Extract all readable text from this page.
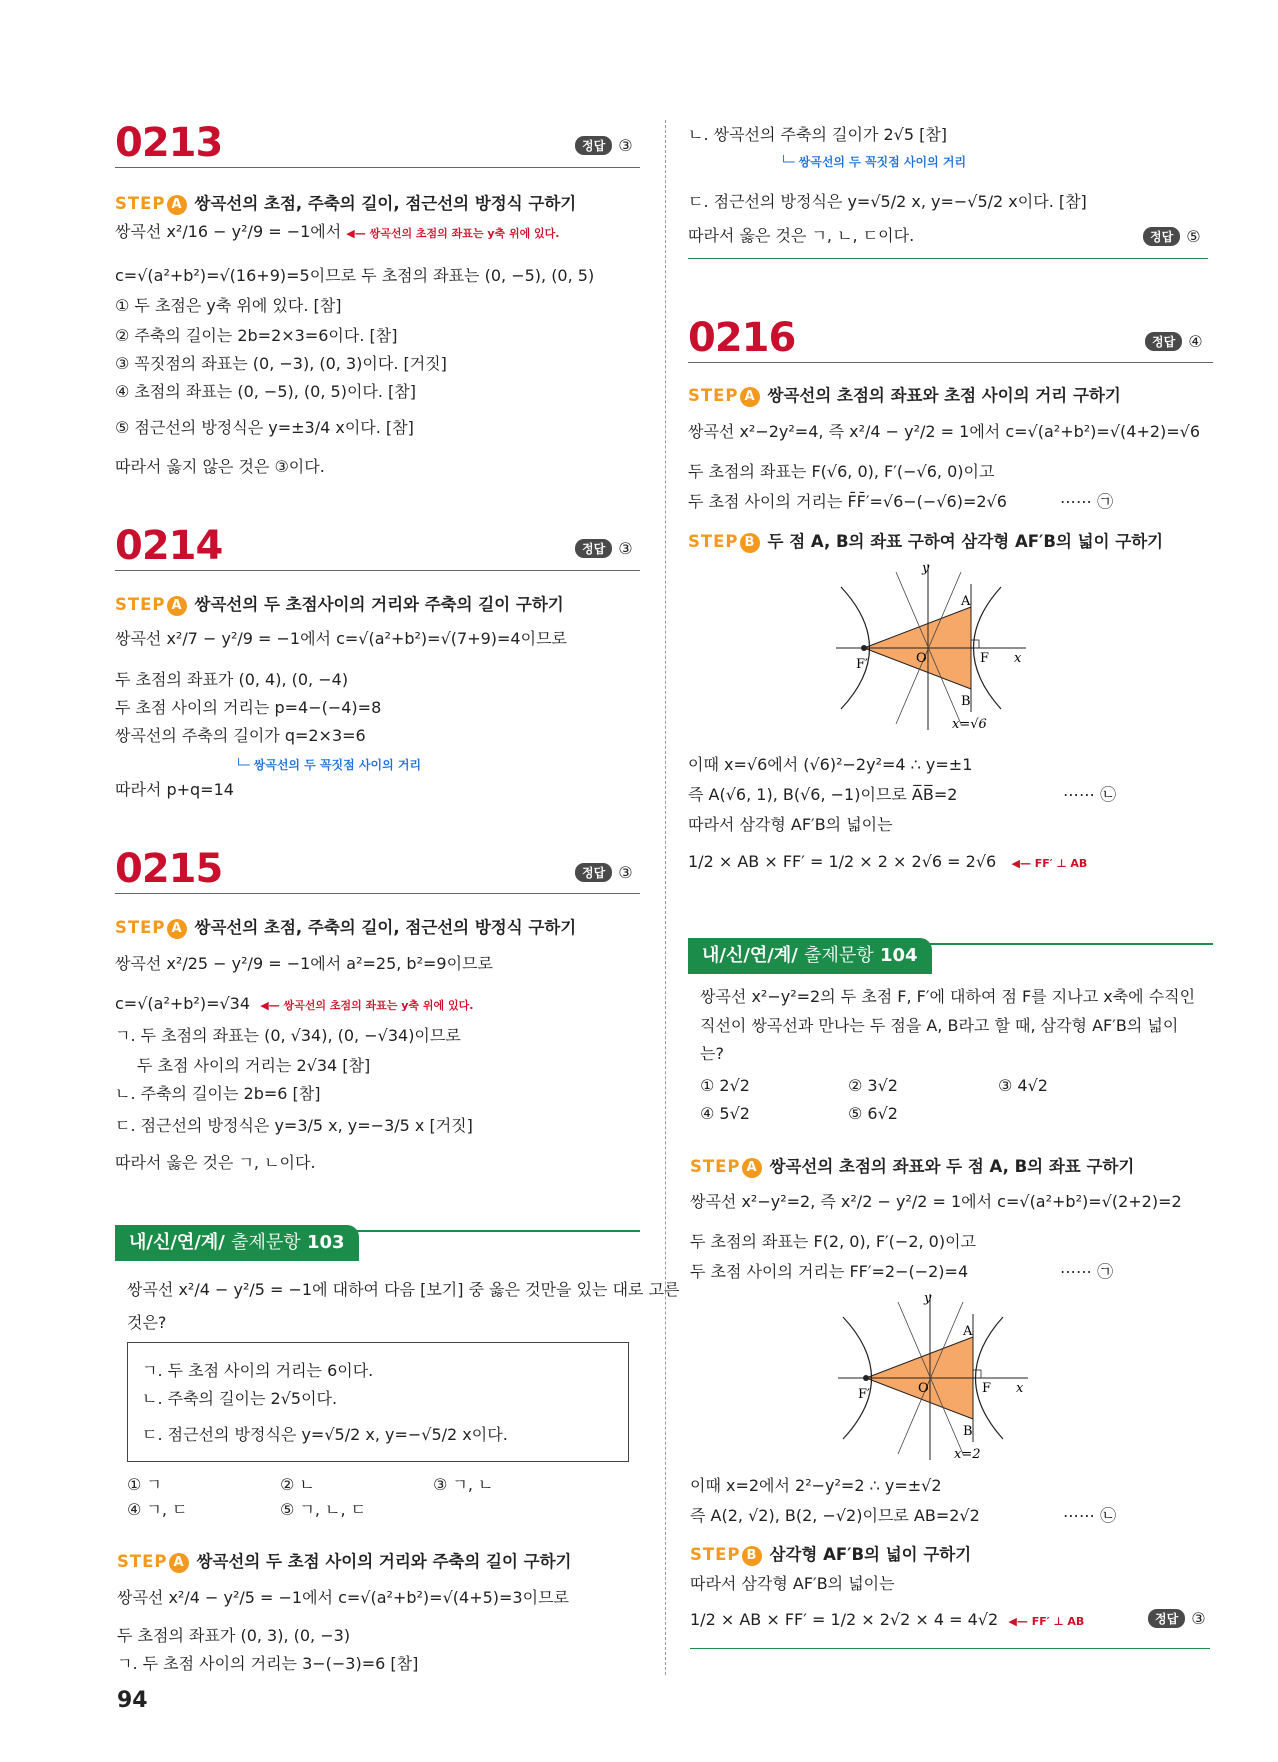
0213	정답 ③
STEP A 쌍곡선의 초점, 주축의 길이, 점근선의 방정식 구하기
쌍곡선 x²/16 − y²/9 = −1에서 ◀— 쌍곡선의 초점의 좌표는 y축 위에 있다.
c=√(a²+b²)=√(16+9)=5이므로 두 초점의 좌표는 (0, −5), (0, 5)
① 두 초점은 y축 위에 있다. [참]
② 주축의 길이는 2b=2×3=6이다. [참]
③ 꼭짓점의 좌표는 (0, −3), (0, 3)이다. [거짓]
④ 초점의 좌표는 (0, −5), (0, 5)이다. [참]
⑤ 점근선의 방정식은 y=±3/4 x이다. [참]
따라서 옳지 않은 것은 ③이다.
0214	정답 ③
STEP A 쌍곡선의 두 초점사이의 거리와 주축의 길이 구하기
쌍곡선 x²/7 − y²/9 = −1에서 c=√(a²+b²)=√(7+9)=4이므로
두 초점의 좌표가 (0, 4), (0, −4)
두 초점 사이의 거리는 p=4−(−4)=8
쌍곡선의 주축의 길이가 q=2×3=6
└─ 쌍곡선의 두 꼭짓점 사이의 거리
따라서 p+q=14
0215	정답 ③
STEP A 쌍곡선의 초점, 주축의 길이, 점근선의 방정식 구하기
쌍곡선 x²/25 − y²/9 = −1에서 a²=25, b²=9이므로
c=√(a²+b²)=√34 ◀— 쌍곡선의 초점의 좌표는 y축 위에 있다.
ㄱ. 두 초점의 좌표는 (0, √34), (0, −√34)이므로
두 초점 사이의 거리는 2√34 [참]
ㄴ. 주축의 길이는 2b=6 [참]
ㄷ. 점근선의 방정식은 y=3/5 x, y=−3/5 x [거짓]
따라서 옳은 것은 ㄱ, ㄴ이다.
내/신/연/계/ 출제문항 103
쌍곡선 x²/4 − y²/5 = −1에 대하여 다음 [보기] 중 옳은 것만을 있는 대로 고른
것은?
ㄱ. 두 초점 사이의 거리는 6이다.
ㄴ. 주축의 길이는 2√5이다.
ㄷ. 점근선의 방정식은 y=√5/2 x, y=−√5/2 x이다.
① ㄱ	② ㄴ	③ ㄱ, ㄴ
④ ㄱ, ㄷ	⑤ ㄱ, ㄴ, ㄷ
STEP A 쌍곡선의 두 초점 사이의 거리와 주축의 길이 구하기
쌍곡선 x²/4 − y²/5 = −1에서 c=√(a²+b²)=√(4+5)=3이므로
두 초점의 좌표가 (0, 3), (0, −3)
ㄱ. 두 초점 사이의 거리는 3−(−3)=6 [참]
94
ㄴ. 쌍곡선의 주축의 길이가 2√5 [참]
└─ 쌍곡선의 두 꼭짓점 사이의 거리
ㄷ. 점근선의 방정식은 y=√5/2 x, y=−√5/2 x이다. [참]
따라서 옳은 것은 ㄱ, ㄴ, ㄷ이다.	정답 ⑤
0216	정답 ④
STEP A 쌍곡선의 초점의 좌표와 초점 사이의 거리 구하기
쌍곡선 x²−2y²=4, 즉 x²/4 − y²/2 = 1에서 c=√(a²+b²)=√(4+2)=√6
두 초점의 좌표는 F(√6, 0), F′(−√6, 0)이고
두 초점 사이의 거리는 F̄F̄′=√6−(−√6)=2√6	⋯⋯ ㉠
STEP B 두 점 A, B의 좌표 구하여 삼각형 AF′B의 넓이 구하기
y
x
A
B
O	F
F′
x=√6
이때 x=√6에서 (√6)²−2y²=4 ∴ y=±1
즉 A(√6, 1), B(√6, −1)이므로 A̅B̅=2	⋯⋯ ㉡
따라서 삼각형 AF′B의 넓이는
1/2 × AB × FF′ = 1/2 × 2 × 2√6 = 2√6 ◀— FF′ ⊥ AB
내/신/연/계/ 출제문항 104
쌍곡선 x²−y²=2의 두 초점 F, F′에 대하여 점 F를 지나고 x축에 수직인
직선이 쌍곡선과 만나는 두 점을 A, B라고 할 때, 삼각형 AF′B의 넓이
는?
① 2√2	② 3√2	③ 4√2
④ 5√2	⑤ 6√2
STEP A 쌍곡선의 초점의 좌표와 두 점 A, B의 좌표 구하기
쌍곡선 x²−y²=2, 즉 x²/2 − y²/2 = 1에서 c=√(a²+b²)=√(2+2)=2
두 초점의 좌표는 F(2, 0), F′(−2, 0)이고
두 초점 사이의 거리는 FF′=2−(−2)=4	⋯⋯ ㉠
y
x
A
B
O	F
F′
x=2
이때 x=2에서 2²−y²=2 ∴ y=±√2
즉 A(2, √2), B(2, −√2)이므로 AB=2√2	⋯⋯ ㉡
STEP B 삼각형 AF′B의 넓이 구하기
따라서 삼각형 AF′B의 넓이는
1/2 × AB × FF′ = 1/2 × 2√2 × 4 = 4√2 ◀— FF′ ⊥ AB	정답 ③
